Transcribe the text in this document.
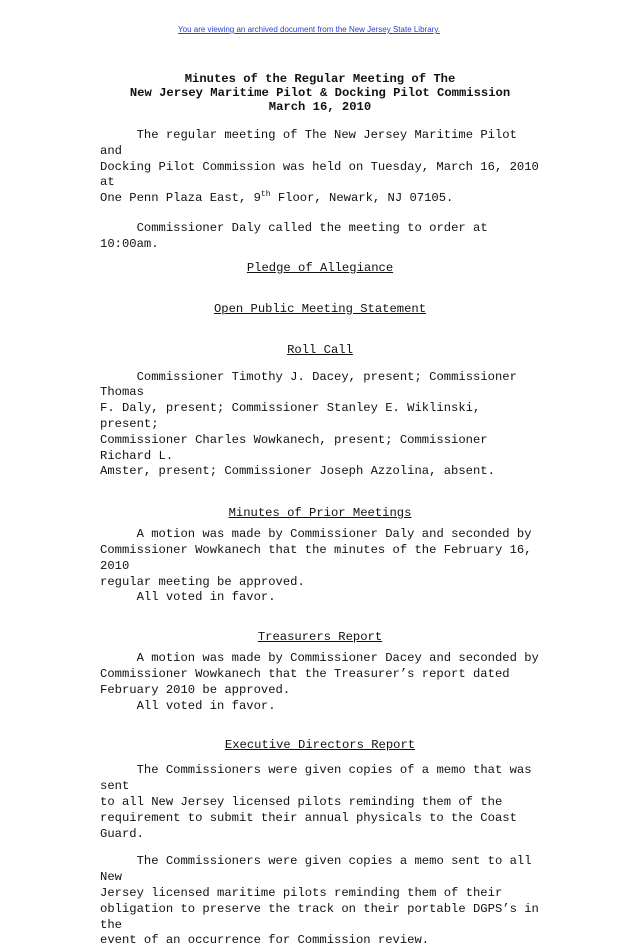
You are viewing an archived document from the New Jersey State Library.

Minutes of the Regular Meeting of The

New Jersey Maritime Pilot & Docking Pilot Commission

March 16, 2010

The regular meeting of The New Jersey Maritime Pilot and
Docking Pilot Commission was held on Tuesday, March 16, 2010 at
One Penn Plaza East, 9th Floor, Newark, NJ 07105.

Commissioner Daly called the meeting to order at 10:00am.

Pledge of Allegiance

Open Public Meeting Statement

Roll Call

Commissioner Timothy J. Dacey, present; Commissioner Thomas
F. Daly, present; Commissioner Stanley E. Wiklinski, present;
Commissioner Charles Wowkanech, present; Commissioner Richard L.
Amster, present; Commissioner Joseph Azzolina, absent.

Minutes of Prior Meetings

A motion was made by Commissioner Daly and seconded by
Commissioner Wowkanech that the minutes of the February 16, 2010
regular meeting be approved.
All voted in favor.

Treasurers Report

A motion was made by Commissioner Dacey and seconded by
Commissioner Wowkanech that the Treasurer’s report dated
February 2010 be approved.
All voted in favor.

Executive Directors Report

The Commissioners were given copies of a memo that was sent
to all New Jersey licensed pilots reminding them of the
requirement to submit their annual physicals to the Coast Guard.

The Commissioners were given copies a memo sent to all New
Jersey licensed maritime pilots reminding them of their
obligation to preserve the track on their portable DGPS’s in the
event of an occurrence for Commission review.
